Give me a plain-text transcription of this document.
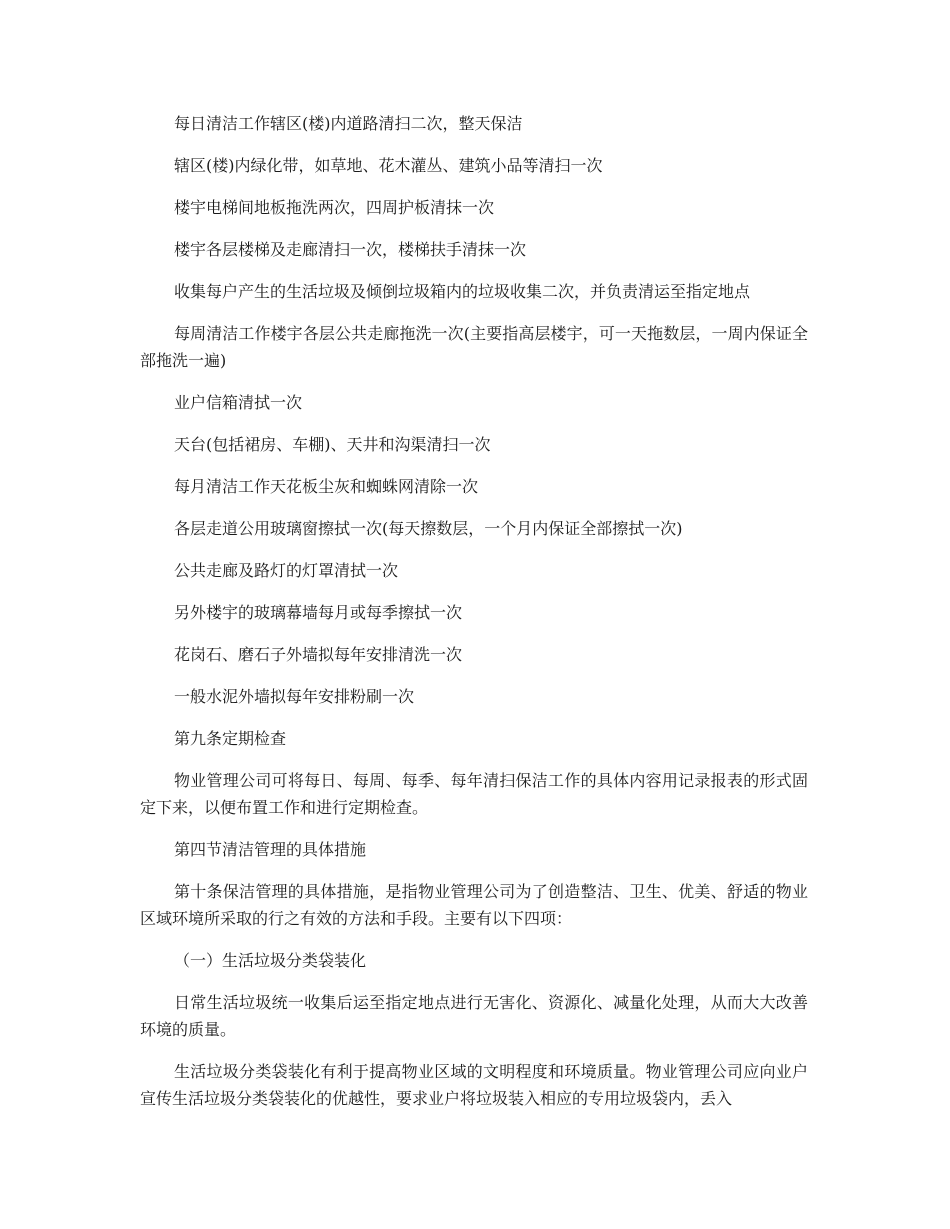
每日清洁工作辖区(楼)内道路清扫二次，整天保洁

辖区(楼)内绿化带，如草地、花木灌丛、建筑小品等清扫一次

楼宇电梯间地板拖洗两次，四周护板清抹一次

楼宇各层楼梯及走廊清扫一次，楼梯扶手清抹一次

收集每户产生的生活垃圾及倾倒垃圾箱内的垃圾收集二次，并负责清运至指定地点

每周清洁工作楼宇各层公共走廊拖洗一次(主要指高层楼宇，可一天拖数层，一周内保证全部拖洗一遍)

业户信箱清拭一次

天台(包括裙房、车棚)、天井和沟渠清扫一次

每月清洁工作天花板尘灰和蜘蛛网清除一次

各层走道公用玻璃窗擦拭一次(每天擦数层，一个月内保证全部擦拭一次)

公共走廊及路灯的灯罩清拭一次

另外楼宇的玻璃幕墙每月或每季擦拭一次

花岗石、磨石子外墙拟每年安排清洗一次

一般水泥外墙拟每年安排粉刷一次

第九条定期检查

物业管理公司可将每日、每周、每季、每年清扫保洁工作的具体内容用记录报表的形式固定下来，以便布置工作和进行定期检查。

第四节清洁管理的具体措施

第十条保洁管理的具体措施，是指物业管理公司为了创造整洁、卫生、优美、舒适的物业区域环境所采取的行之有效的方法和手段。主要有以下四项：

（一）生活垃圾分类袋装化

日常生活垃圾统一收集后运至指定地点进行无害化、资源化、减量化处理，从而大大改善环境的质量。

生活垃圾分类袋装化有利于提高物业区域的文明程度和环境质量。物业管理公司应向业户宣传生活垃圾分类袋装化的优越性，要求业户将垃圾装入相应的专用垃圾袋内，丢入
